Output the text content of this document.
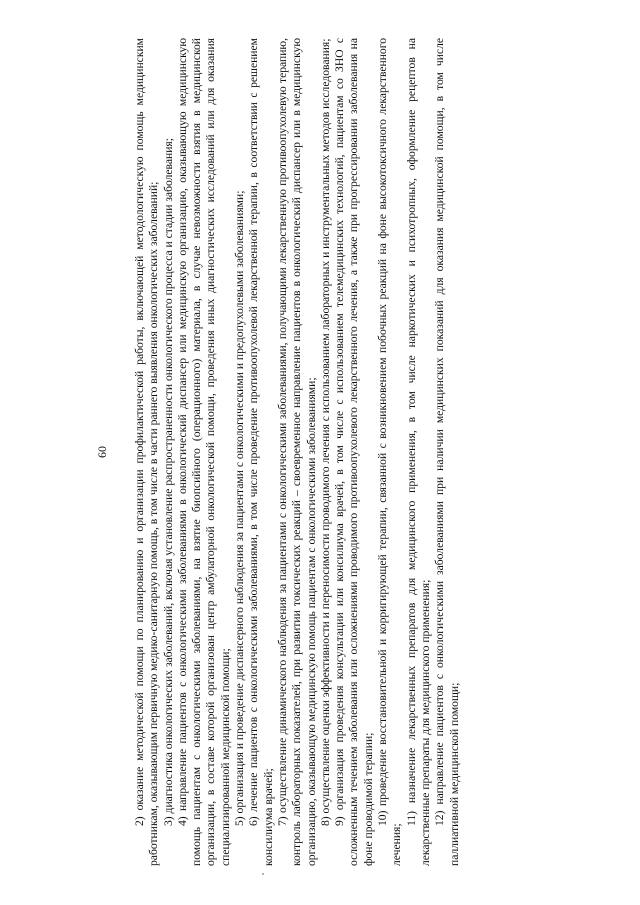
60 2) оказание методической помощи по планированию и организации профилактической работы, включающей методологическую помощь медицинским работникам, оказывающим первичную медико-санитарную помощь, в том числе в части раннего выявления онкологических заболеваний; 3) диагностика онкологических заболеваний, включая установление распространенности онкологического процесса и стадии заболевания; 4) направление пациентов с онкологическими заболеваниями в онкологический диспансер или медицинскую организацию, оказывающую медицинскую помощь пациентам с онкологическими заболеваниями, на взятие биопсийного (операционного) материала, в случае невозможности взятия в медицинской организации, в составе которой организован центр амбулаторной онкологической помощи, проведения иных диагностических исследований или для оказания специализированной медицинской помощи; 5) организация и проведение диспансерного наблюдения за пациентами с онкологическими и предопухолевыми заболеваниями; 6) лечение пациентов с онкологическими заболеваниями, в том числе проведение противоопухолевой лекарственной терапии, в соответствии с решением консилиума врачей; 7) осуществление динамического наблюдения за пациентами с онкологическими заболеваниями, получающими лекарственную противоопухолевую терапию, контроль лабораторных показателей, при развитии токсических реакций – своевременное направление пациентов в онкологический диспансер или в медицинскую организацию, оказывающую медицинскую помощь пациентам с онкологическими заболеваниями; 8) осуществление оценки эффективности и переносимости проводимого лечения с использованием лабораторных и инструментальных методов исследования; 9) организация проведения консультации или консилиума врачей, в том числе с использованием телемедицинских технологий, пациентам со ЗНО с осложненным течением заболевания или осложнениями проводимого противоопухолевого лекарственного лечения, а также при прогрессировании заболевания на фоне проводимой терапии; 10) проведение восстановительной и корригирующей терапии, связанной с возникновением побочных реакций на фоне высокотоксичного лекарственного лечения;

11) назначение лекарственных препаратов для медицинского применения, в том числе наркотических и психотропных, оформление рецептов на лекарственные препараты для медицинского применения; 12) направление пациентов с онкологическими заболеваниями при наличии медицинских показаний для оказания медицинской помощи, в том числе паллиативной медицинской помощи;
